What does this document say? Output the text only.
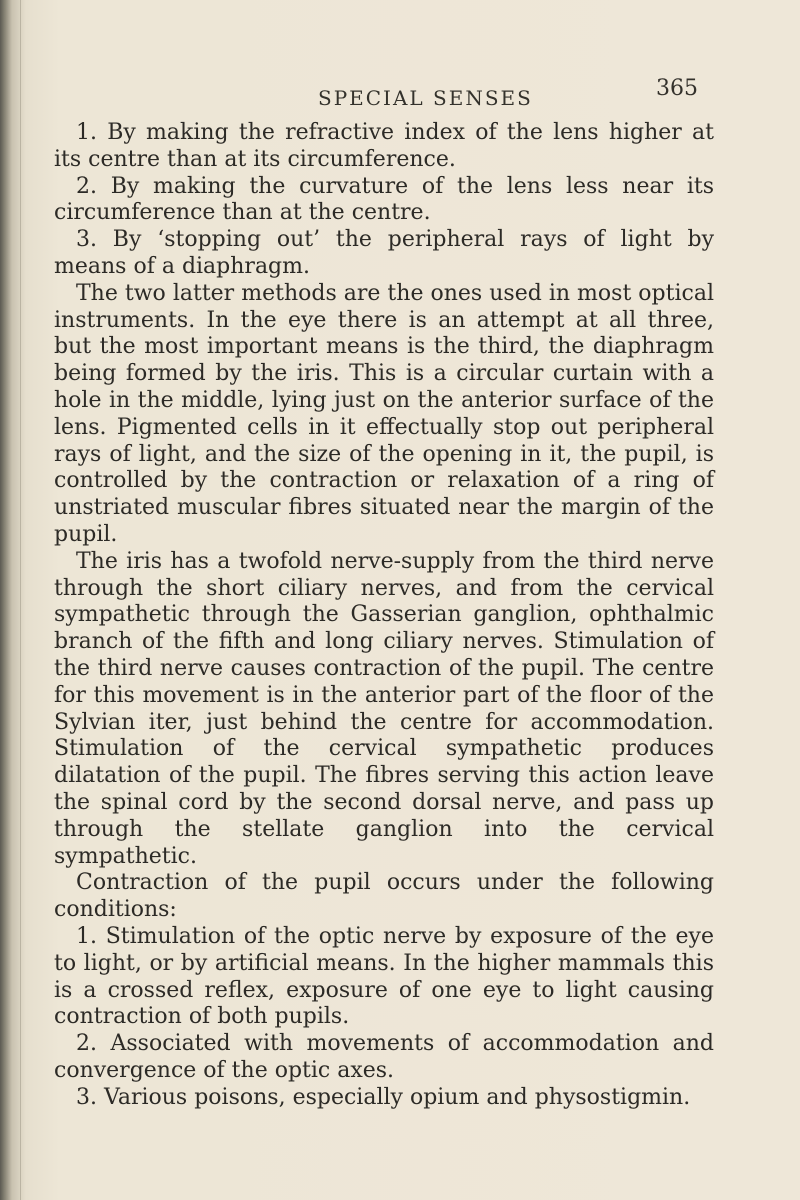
SPECIAL SENSES	365

1. By making the refractive index of the lens higher at its centre than at its circumference.

2. By making the curvature of the lens less near its circumference than at the centre.

3. By ‘stopping out’ the peripheral rays of light by means of a diaphragm.

The two latter methods are the ones used in most optical instruments. In the eye there is an attempt at all three, but the most important means is the third, the diaphragm being formed by the iris. This is a circular curtain with a hole in the middle, lying just on the anterior surface of the lens. Pigmented cells in it effectually stop out peripheral rays of light, and the size of the opening in it, the pupil, is controlled by the contraction or relaxation of a ring of unstriated muscular fibres situated near the margin of the pupil.

The iris has a twofold nerve-supply from the third nerve through the short ciliary nerves, and from the cervical sympathetic through the Gasserian ganglion, ophthalmic branch of the fifth and long ciliary nerves. Stimulation of the third nerve causes contraction of the pupil. The centre for this movement is in the anterior part of the floor of the Sylvian iter, just behind the centre for accommodation. Stimulation of the cervical sympathetic produces dilatation of the pupil. The fibres serving this action leave the spinal cord by the second dorsal nerve, and pass up through the stellate ganglion into the cervical sympathetic.

Contraction of the pupil occurs under the following conditions:

1. Stimulation of the optic nerve by exposure of the eye to light, or by artificial means. In the higher mammals this is a crossed reflex, exposure of one eye to light causing contraction of both pupils.

2. Associated with movements of accommodation and convergence of the optic axes.

3. Various poisons, especially opium and physostigmin.
